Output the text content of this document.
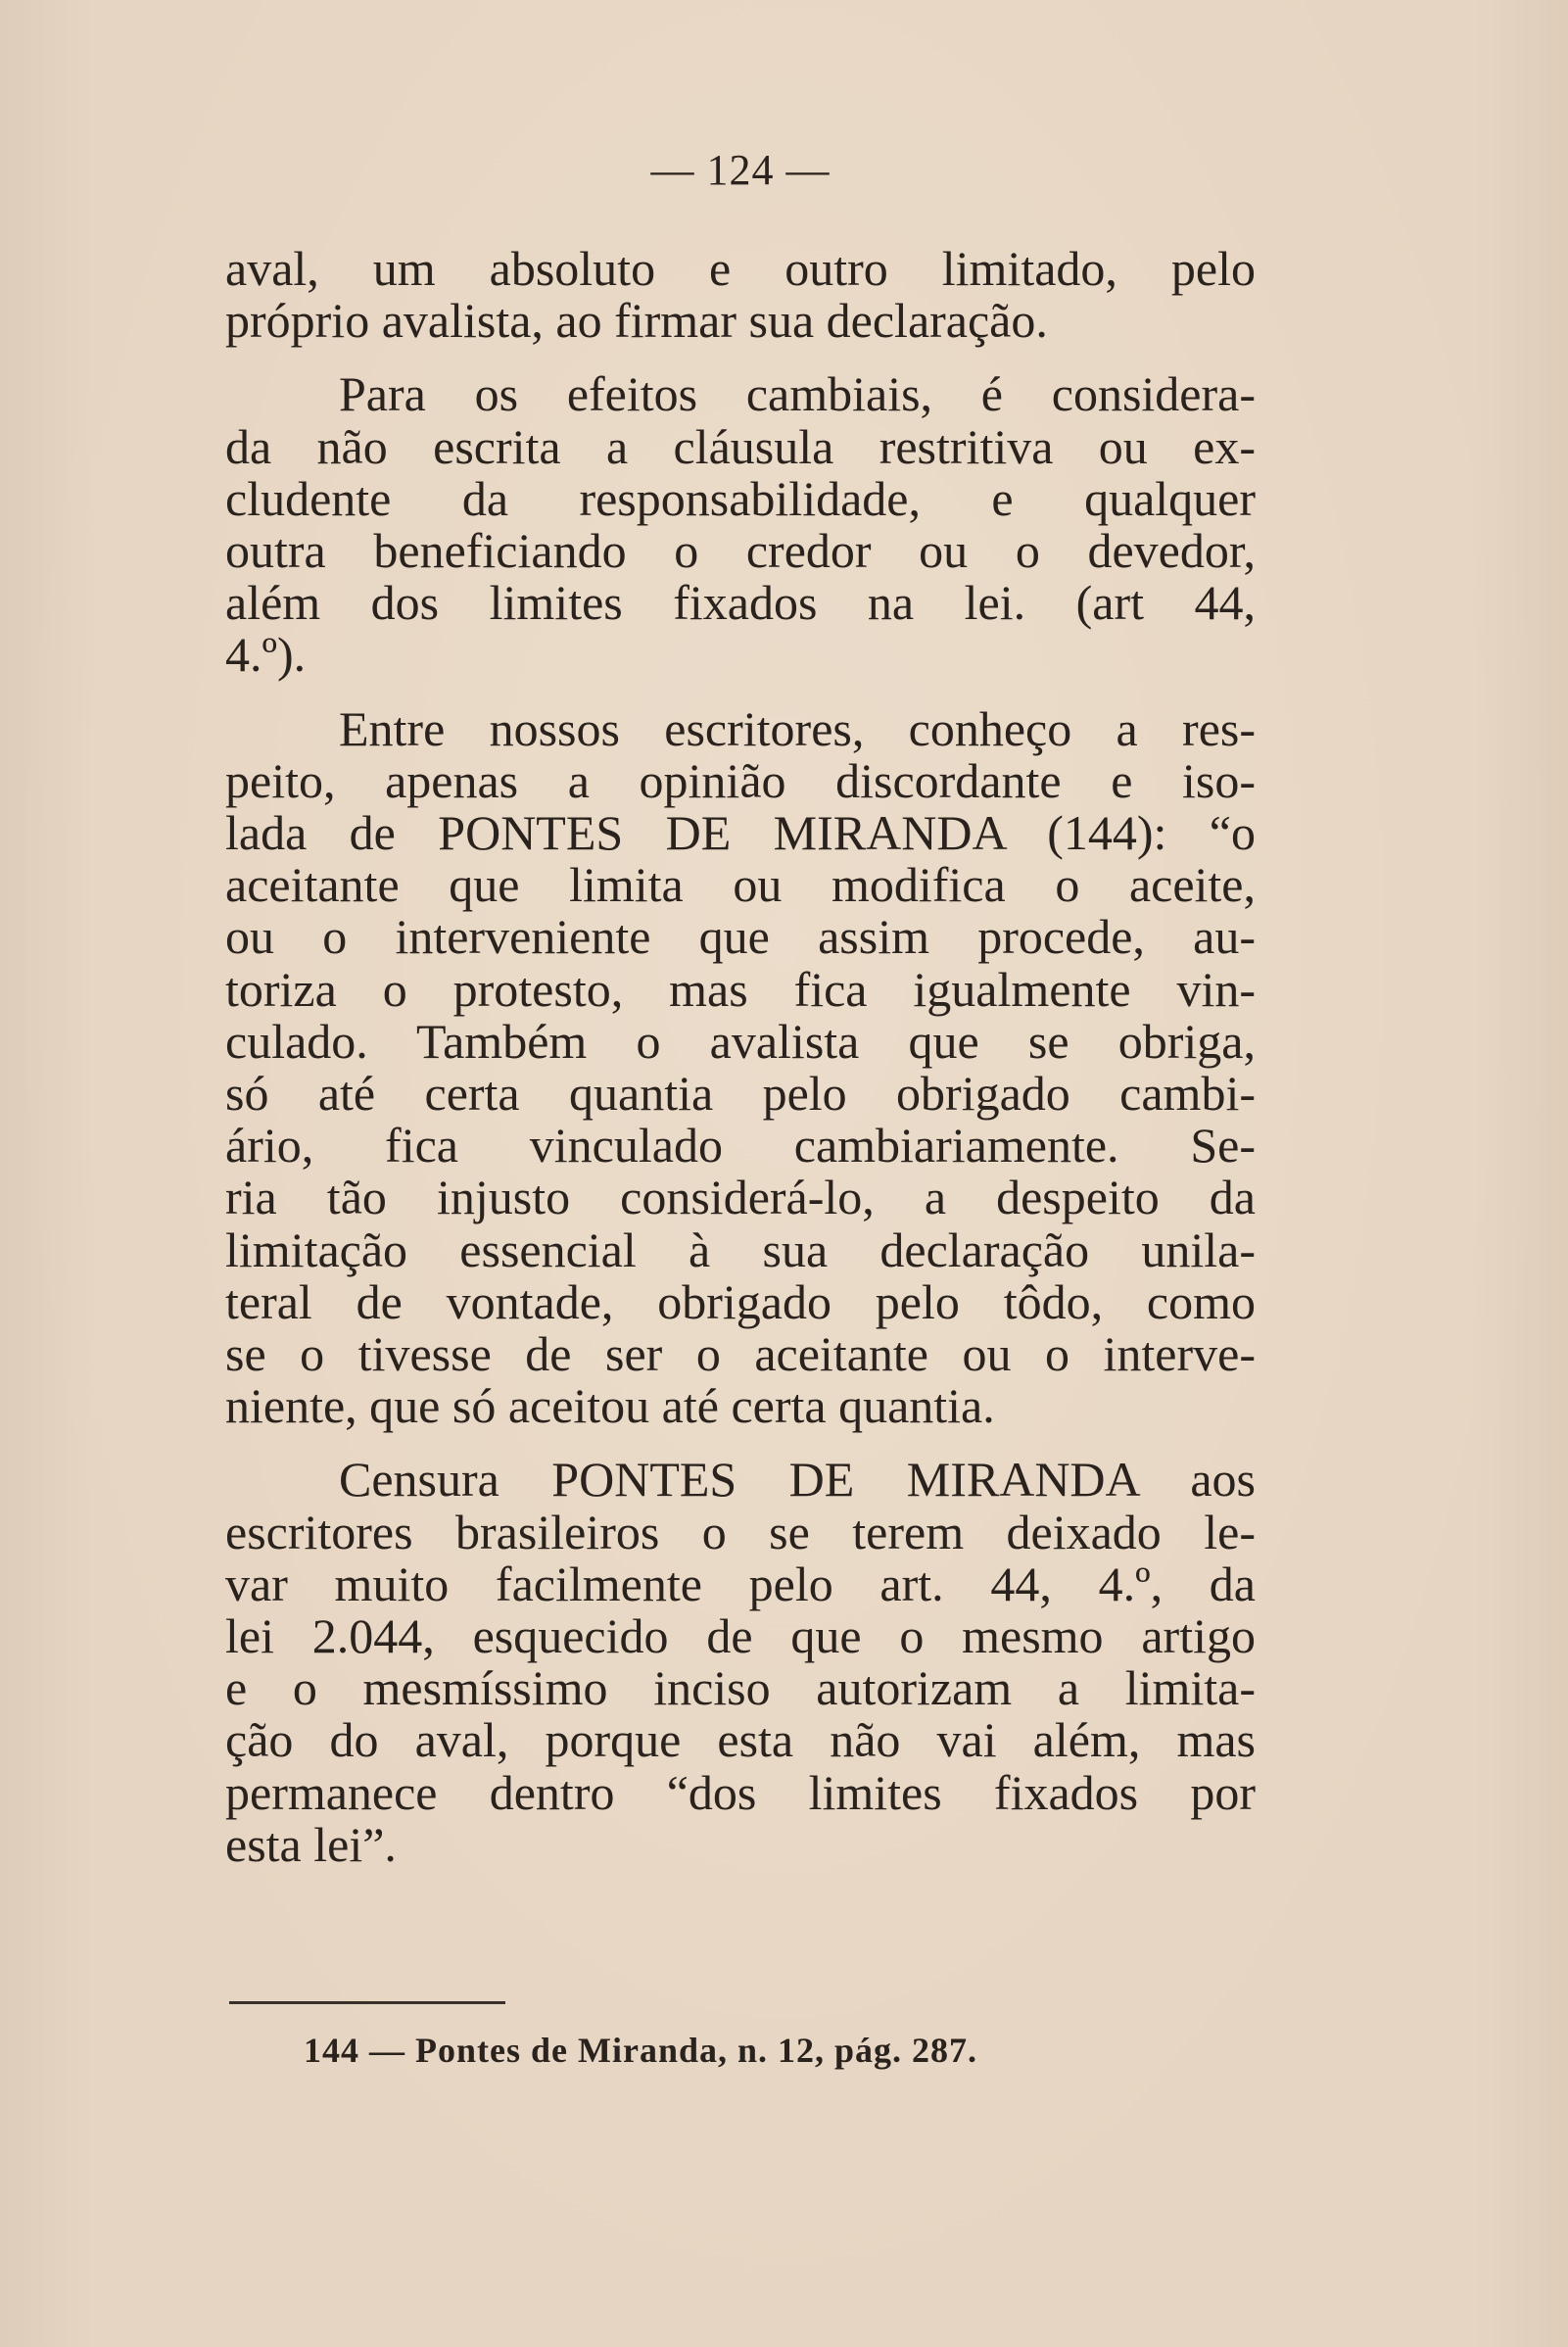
— 124 —

aval, um absoluto e outro limitado, pelo
próprio avalista, ao firmar sua declaração.

Para os efeitos cambiais, é considera-
da não escrita a cláusula restritiva ou ex-
cludente da responsabilidade, e qualquer
outra beneficiando o credor ou o devedor,
além dos limites fixados na lei. (art 44,
4.º).

Entre nossos escritores, conheço a res-
peito, apenas a opinião discordante e iso-
lada de PONTES DE MIRANDA (144): “o
aceitante que limita ou modifica o aceite,
ou o interveniente que assim procede, au-
toriza o protesto, mas fica igualmente vin-
culado. Também o avalista que se obriga,
só até certa quantia pelo obrigado cambi-
ário, fica vinculado cambiariamente. Se-
ria tão injusto considerá-lo, a despeito da
limitação essencial à sua declaração unila-
teral de vontade, obrigado pelo tôdo, como
se o tivesse de ser o aceitante ou o interve-
niente, que só aceitou até certa quantia.

Censura PONTES DE MIRANDA aos
escritores brasileiros o se terem deixado le-
var muito facilmente pelo art. 44, 4.º, da
lei 2.044, esquecido de que o mesmo artigo
e o mesmíssimo inciso autorizam a limita-
ção do aval, porque esta não vai além, mas
permanece dentro “dos limites fixados por
esta lei”.

144 — Pontes de Miranda, n. 12, pág. 287.
